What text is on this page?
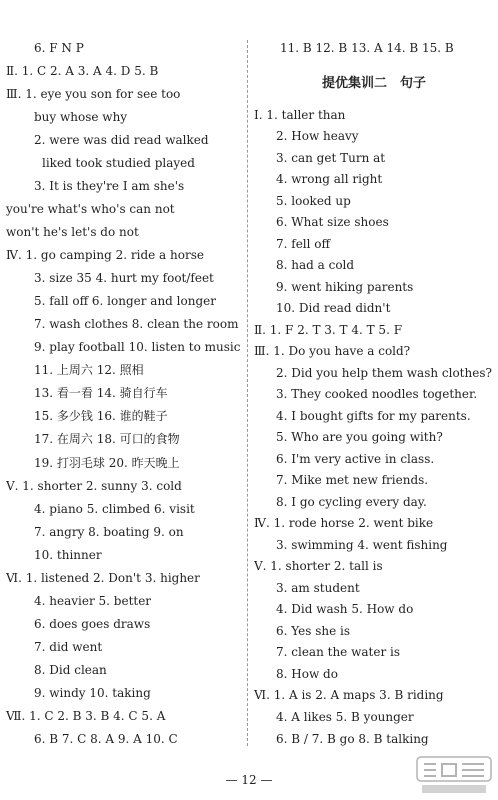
6. F N P
Ⅱ. 1. C 2. A 3. A 4. D 5. B
Ⅲ. 1. eye you son for see too
buy whose why
2. were was did read walked
liked took studied played
3. It is they're I am she's
you're what's who's can not
won't he's let's do not
Ⅳ. 1. go camping 2. ride a horse
3. size 35 4. hurt my foot/feet
5. fall off 6. longer and longer
7. wash clothes 8. clean the room
9. play football 10. listen to music
11. 上周六 12. 照相
13. 看一看 14. 骑自行车
15. 多少钱 16. 谁的鞋子
17. 在周六 18. 可口的食物
19. 打羽毛球 20. 昨天晚上
Ⅴ. 1. shorter 2. sunny 3. cold
4. piano 5. climbed 6. visit
7. angry 8. boating 9. on
10. thinner
Ⅵ. 1. listened 2. Don't 3. higher
4. heavier 5. better
6. does goes draws
7. did went
8. Did clean
9. windy 10. taking
Ⅶ. 1. C 2. B 3. B 4. C 5. A
6. B 7. C 8. A 9. A 10. C
11. B 12. B 13. A 14. B 15. B
提优集训二　句子
Ⅰ. 1. taller than
2. How heavy
3. can get Turn at
4. wrong all right
5. looked up
6. What size shoes
7. fell off
8. had a cold
9. went hiking parents
10. Did read didn't
Ⅱ. 1. F 2. T 3. T 4. T 5. F
Ⅲ. 1. Do you have a cold?
2. Did you help them wash clothes?
3. They cooked noodles together.
4. I bought gifts for my parents.
5. Who are you going with?
6. I'm very active in class.
7. Mike met new friends.
8. I go cycling every day.
Ⅳ. 1. rode horse 2. went bike
3. swimming 4. went fishing
Ⅴ. 1. shorter 2. tall is
3. am student
4. Did wash 5. How do
6. Yes she is
7. clean the water is
8. How do
Ⅵ. 1. A is 2. A maps 3. B riding
4. A likes 5. B younger
6. B / 7. B go 8. B talking
— 12 —
